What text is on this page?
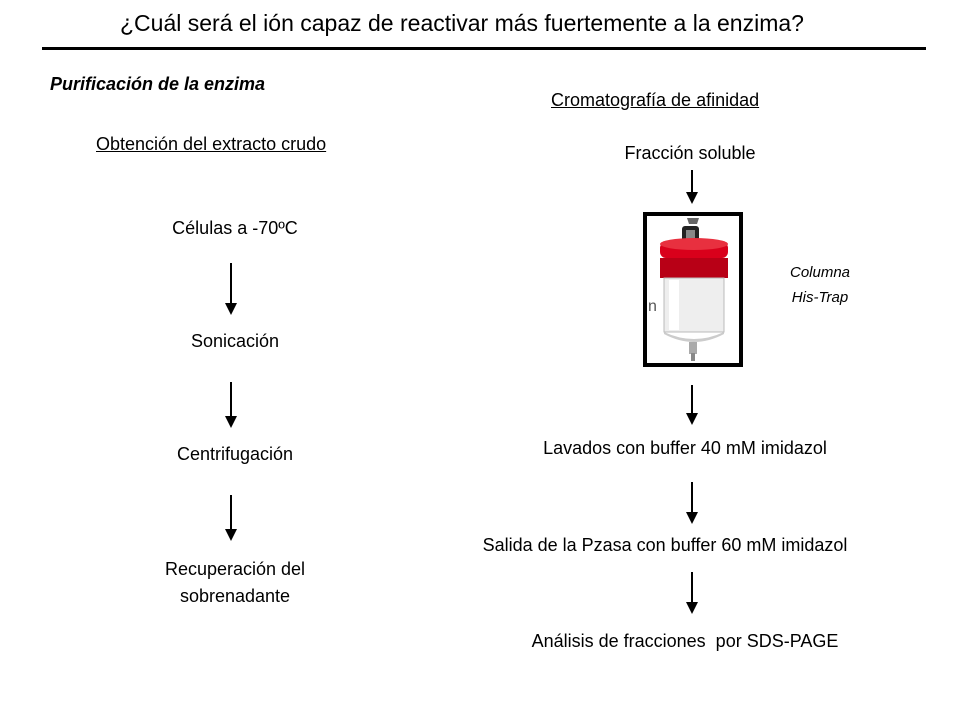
¿Cuál será el ión capaz de reactivar más fuertemente a la enzima?
Purificación de la enzima
Obtención del extracto crudo
Células a -70ºC
Sonicación
Centrifugación
Recuperación del
sobrenadante
Cromatografía de afinidad
Fracción soluble
n
Columna
His-Trap
Lavados con buffer 40 mM imidazol
Salida de la Pzasa con buffer 60 mM imidazol
Análisis de fracciones  por SDS-PAGE
